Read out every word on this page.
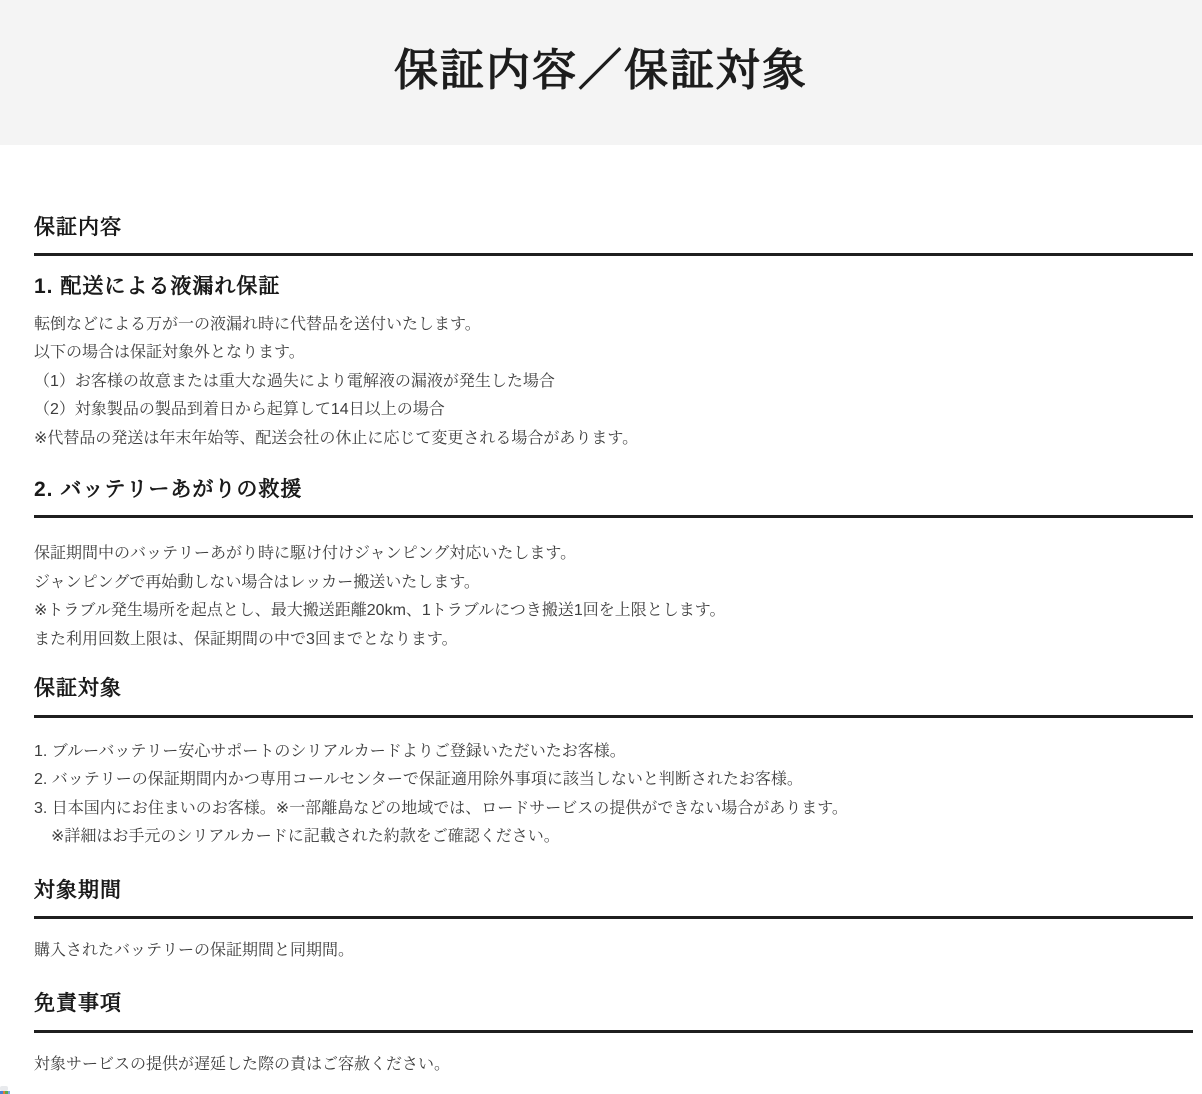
保証内容／保証対象
保証内容
1. 配送による液漏れ保証

転倒などによる万が一の液漏れ時に代替品を送付いたします。

以下の場合は保証対象外となります。

（1）お客様の故意または重大な過失により電解液の漏液が発生した場合

（2）対象製品の製品到着日から起算して14日以上の場合

※代替品の発送は年末年始等、配送会社の休止に応じて変更される場合があります。

2. バッテリーあがりの救援

保証期間中のバッテリーあがり時に駆け付けジャンピング対応いたします。

ジャンピングで再始動しない場合はレッカー搬送いたします。

※トラブル発生場所を起点とし、最大搬送距離20km、1トラブルにつき搬送1回を上限とします。

また利用回数上限は、保証期間の中で3回までとなります。

保証対象

1. ブルーバッテリー安心サポートのシリアルカードよりご登録いただいたお客様。

2. バッテリーの保証期間内かつ専用コールセンターで保証適用除外事項に該当しないと判断されたお客様。

3. 日本国内にお住まいのお客様。※一部離島などの地域では、ロードサービスの提供ができない場合があります。

※詳細はお手元のシリアルカードに記載された約款をご確認ください。

対象期間

購入されたバッテリーの保証期間と同期間。

免責事項

対象サービスの提供が遅延した際の責はご容赦ください。
